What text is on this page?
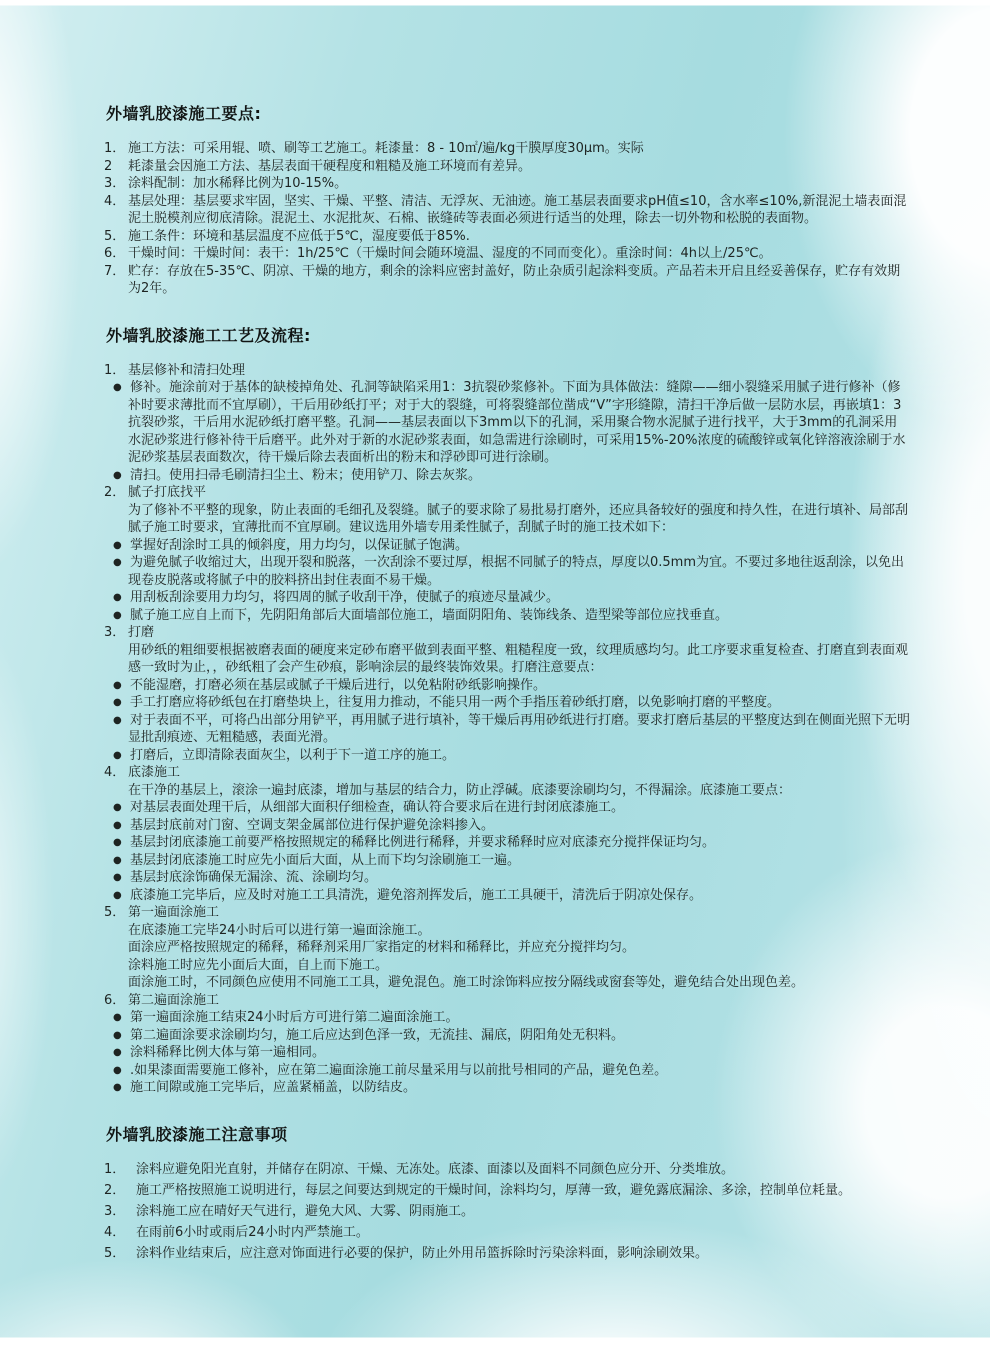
外墙乳胶漆施工要点:
1． 施工方法：可采用辊、喷、刷等工艺施工。耗漆量：8 - 10㎡/遍/kg干膜厚度30μm。实际
2 耗漆量会因施工方法、基层表面干硬程度和粗糙及施工环境而有差异。
3． 涂料配制：加水稀释比例为10-15%。
4． 基层处理：基层要求牢固，坚实、干燥、平整、清洁、无浮灰、无油迹。施工基层表面要求pH值≤10，含水率≤10%,新混泥土墙表面混泥土脱模剂应彻底清除。混泥土、水泥批灰、石棉、嵌缝砖等表面必须进行适当的处理，除去一切外物和松脱的表面物。
5． 施工条件：环境和基层温度不应低于5℃，湿度要低于85%.
6． 干燥时间：干燥时间：表干：1h/25℃（干燥时间会随环境温、湿度的不同而变化）。重涂时间：4h以上/25℃。
7． 贮存：存放在5-35℃、阴凉、干燥的地方，剩余的涂料应密封盖好，防止杂质引起涂料变质。产品若未开启且经妥善保存，贮存有效期为2年。
外墙乳胶漆施工工艺及流程:
1． 基层修补和清扫处理
● 修补。施涂前对于基体的缺棱掉角处、孔洞等缺陷采用1：3抗裂砂浆修补。下面为具体做法：缝隙——细小裂缝采用腻子进行修补（修补时要求薄批而不宜厚刷），干后用砂纸打平；对于大的裂缝，可将裂缝部位凿成“V”字形缝隙，清扫干净后做一层防水层，再嵌填1：3抗裂砂浆，干后用水泥砂纸打磨平整。孔洞——基层表面以下3mm以下的孔洞，采用聚合物水泥腻子进行找平，大于3mm的孔洞采用水泥砂浆进行修补待干后磨平。此外对于新的水泥砂浆表面，如急需进行涂刷时，可采用15%-20%浓度的硫酸锌或氧化锌溶液涂刷于水泥砂浆基层表面数次，待干燥后除去表面析出的粉末和浮砂即可进行涂刷。
● 清扫。使用扫帚毛刷清扫尘土、粉末；使用铲刀、除去灰浆。
2． 腻子打底找平
为了修补不平整的现象，防止表面的毛细孔及裂缝。腻子的要求除了易批易打磨外，还应具备较好的强度和持久性，在进行填补、局部刮腻子施工时要求，宜薄批而不宜厚刷。建议选用外墙专用柔性腻子，刮腻子时的施工技术如下：
● 掌握好刮涂时工具的倾斜度，用力均匀，以保证腻子饱满。
● 为避免腻子收缩过大，出现开裂和脱落，一次刮涂不要过厚，根据不同腻子的特点，厚度以0.5mm为宜。不要过多地往返刮涂，以免出现卷皮脱落或将腻子中的胶料挤出封住表面不易干燥。
● 用刮板刮涂要用力均匀，将四周的腻子收刮干净，使腻子的痕迹尽量减少。
● 腻子施工应自上而下，先阴阳角部后大面墙部位施工，墙面阴阳角、装饰线条、造型梁等部位应找垂直。
3． 打磨
用砂纸的粗细要根据被磨表面的硬度来定砂布磨平做到表面平整、粗糙程度一致，纹理质感均匀。此工序要求重复检查、打磨直到表面观感一致时为止，，砂纸粗了会产生砂痕，影响涂层的最终装饰效果。打磨注意要点：
● 不能湿磨，打磨必须在基层或腻子干燥后进行，以免粘附砂纸影响操作。
● 手工打磨应将砂纸包在打磨垫块上，往复用力推动，不能只用一两个手指压着砂纸打磨，以免影响打磨的平整度。
● 对于表面不平，可将凸出部分用铲平，再用腻子进行填补，等干燥后再用砂纸进行打磨。要求打磨后基层的平整度达到在侧面光照下无明显批刮痕迹、无粗糙感，表面光滑。
● 打磨后，立即清除表面灰尘，以利于下一道工序的施工。
4． 底漆施工
在干净的基层上，滚涂一遍封底漆，增加与基层的结合力，防止浮碱。底漆要涂刷均匀，不得漏涂。底漆施工要点：
● 对基层表面处理干后，从细部大面积仔细检查，确认符合要求后在进行封闭底漆施工。
● 基层封底前对门窗、空调支架金属部位进行保护避免涂料掺入。
● 基层封闭底漆施工前要严格按照规定的稀释比例进行稀释，并要求稀释时应对底漆充分搅拌保证均匀。
● 基层封闭底漆施工时应先小面后大面，从上而下均匀涂刷施工一遍。
● 基层封底涂饰确保无漏涂、流、涂刷均匀。
● 底漆施工完毕后，应及时对施工工具清洗，避免溶剂挥发后，施工工具硬干，清洗后于阴凉处保存。
5． 第一遍面涂施工
在底漆施工完毕24小时后可以进行第一遍面涂施工。
面涂应严格按照规定的稀释，稀释剂采用厂家指定的材料和稀释比，并应充分搅拌均匀。
涂料施工时应先小面后大面，自上而下施工。
面涂施工时，不同颜色应使用不同施工工具，避免混色。施工时涂饰料应按分隔线或窗套等处，避免结合处出现色差。
6． 第二遍面涂施工
● 第一遍面涂施工结束24小时后方可进行第二遍面涂施工。
● 第二遍面涂要求涂刷均匀，施工后应达到色泽一致，无流挂、漏底，阴阳角处无积料。
● 涂料稀释比例大体与第一遍相同。
● .如果漆面需要施工修补，应在第二遍面涂施工前尽量采用与以前批号相同的产品，避免色差。
● 施工间隙或施工完毕后，应盖紧桶盖，以防结皮。
外墙乳胶漆施工注意事项
1． 涂料应避免阳光直射，并储存在阴凉、干燥、无冻处。底漆、面漆以及面料不同颜色应分开、分类堆放。
2． 施工严格按照施工说明进行，每层之间要达到规定的干燥时间，涂料均匀，厚薄一致，避免露底漏涂、多涂，控制单位耗量。
3． 涂料施工应在晴好天气进行，避免大风、大雾、阴雨施工。
4． 在雨前6小时或雨后24小时内严禁施工。
5． 涂料作业结束后，应注意对饰面进行必要的保护，防止外用吊篮拆除时污染涂料面，影响涂刷效果。
